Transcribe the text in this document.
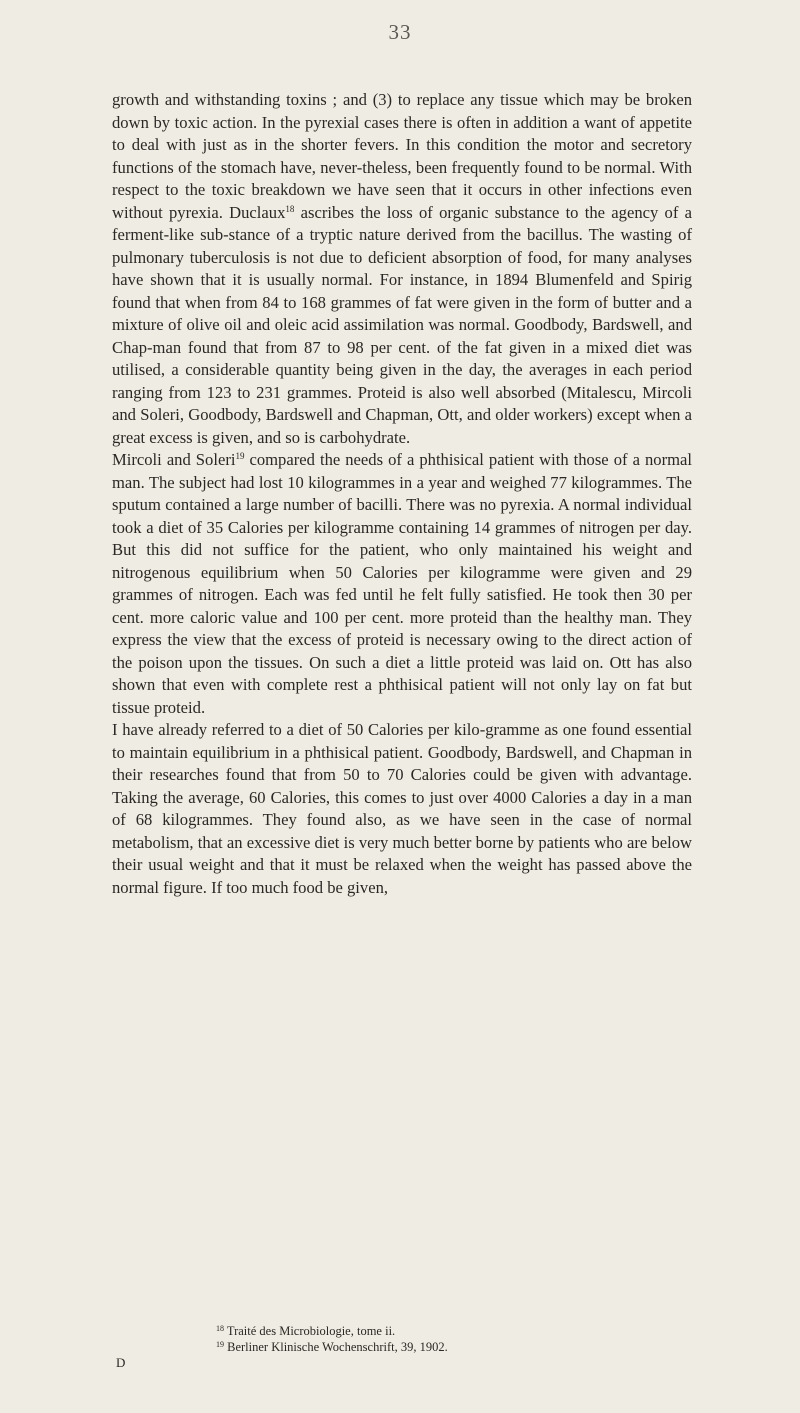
33

growth and withstanding toxins ; and (3) to replace any tissue which may be broken down by toxic action. In the pyrexial cases there is often in addition a want of appetite to deal with just as in the shorter fevers. In this condition the motor and secretory functions of the stomach have, never-theless, been frequently found to be normal. With respect to the toxic breakdown we have seen that it occurs in other infections even without pyrexia. Duclaux$^{18}$ ascribes the loss of organic substance to the agency of a ferment-like sub-stance of a tryptic nature derived from the bacillus. The wasting of pulmonary tuberculosis is not due to deficient absorption of food, for many analyses have shown that it is usually normal. For instance, in 1894 Blumenfeld and Spirig found that when from 84 to 168 grammes of fat were given in the form of butter and a mixture of olive oil and oleic acid assimilation was normal. Goodbody, Bardswell, and Chap-man found that from 87 to 98 per cent. of the fat given in a mixed diet was utilised, a considerable quantity being given in the day, the averages in each period ranging from 123 to 231 grammes. Proteid is also well absorbed (Mitalescu, Mircoli and Soleri, Goodbody, Bardswell and Chapman, Ott, and older workers) except when a great excess is given, and so is carbohydrate.

Mircoli and Soleri$^{19}$ compared the needs of a phthisical patient with those of a normal man. The subject had lost 10 kilogrammes in a year and weighed 77 kilogrammes. The sputum contained a large number of bacilli. There was no pyrexia. A normal individual took a diet of 35 Calories per kilogramme containing 14 grammes of nitrogen per day. But this did not suffice for the patient, who only maintained his weight and nitrogenous equilibrium when 50 Calories per kilogramme were given and 29 grammes of nitrogen. Each was fed until he felt fully satisfied. He took then 30 per cent. more caloric value and 100 per cent. more proteid than the healthy man. They express the view that the excess of proteid is necessary owing to the direct action of the poison upon the tissues. On such a diet a little proteid was laid on. Ott has also shown that even with complete rest a phthisical patient will not only lay on fat but tissue proteid.

I have already referred to a diet of 50 Calories per kilo-gramme as one found essential to maintain equilibrium in a phthisical patient. Goodbody, Bardswell, and Chapman in their researches found that from 50 to 70 Calories could be given with advantage. Taking the average, 60 Calories, this comes to just over 4000 Calories a day in a man of 68 kilogrammes. They found also, as we have seen in the case of normal metabolism, that an excessive diet is very much better borne by patients who are below their usual weight and that it must be relaxed when the weight has passed above the normal figure. If too much food be given,

$^{18}$ Traité des Microbiologie, tome ii.
$^{19}$ Berliner Klinische Wochenschrift, 39, 1902.
D
